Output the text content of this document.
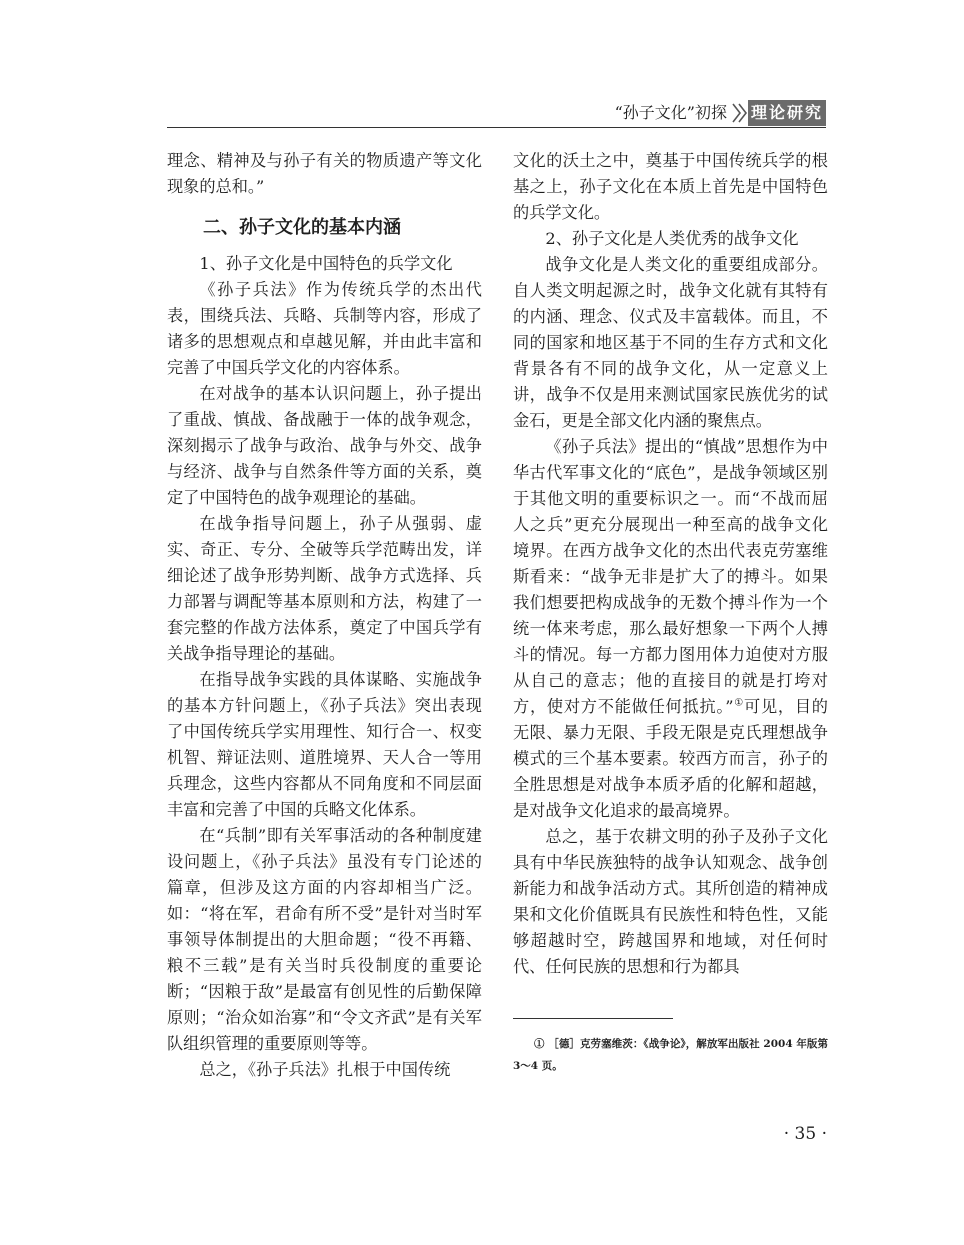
“孙子文化”初探 理论研究

理念、精神及与孙子有关的物质遗产等文化现象的总和。”

二、孙子文化的基本内涵

1、孙子文化是中国特色的兵学文化

《孙子兵法》作为传统兵学的杰出代表，围绕兵法、兵略、兵制等内容，形成了诸多的思想观点和卓越见解，并由此丰富和完善了中国兵学文化的内容体系。

在对战争的基本认识问题上，孙子提出了重战、慎战、备战融于一体的战争观念，深刻揭示了战争与政治、战争与外交、战争与经济、战争与自然条件等方面的关系，奠定了中国特色的战争观理论的基础。

在战争指导问题上，孙子从强弱、虚实、奇正、专分、全破等兵学范畴出发，详细论述了战争形势判断、战争方式选择、兵力部署与调配等基本原则和方法，构建了一套完整的作战方法体系，奠定了中国兵学有关战争指导理论的基础。

在指导战争实践的具体谋略、实施战争的基本方针问题上，《孙子兵法》突出表现了中国传统兵学实用理性、知行合一、权变机智、辩证法则、道胜境界、天人合一等用兵理念，这些内容都从不同角度和不同层面丰富和完善了中国的兵略文化体系。

在“兵制”即有关军事活动的各种制度建设问题上，《孙子兵法》虽没有专门论述的篇章，但涉及这方面的内容却相当广泛。如：“将在军，君命有所不受”是针对当时军事领导体制提出的大胆命题；“役不再籍、粮不三载”是有关当时兵役制度的重要论断；“因粮于敌”是最富有创见性的后勤保障原则；“治众如治寡”和“令文齐武”是有关军队组织管理的重要原则等等。

总之，《孙子兵法》扎根于中国传统

文化的沃土之中，奠基于中国传统兵学的根基之上，孙子文化在本质上首先是中国特色的兵学文化。

2、孙子文化是人类优秀的战争文化

战争文化是人类文化的重要组成部分。自人类文明起源之时，战争文化就有其特有的内涵、理念、仪式及丰富载体。而且，不同的国家和地区基于不同的生存方式和文化背景各有不同的战争文化，从一定意义上讲，战争不仅是用来测试国家民族优劣的试金石，更是全部文化内涵的聚焦点。

《孙子兵法》提出的“慎战”思想作为中华古代军事文化的“底色”，是战争领域区别于其他文明的重要标识之一。而“不战而屈人之兵”更充分展现出一种至高的战争文化境界。在西方战争文化的杰出代表克劳塞维斯看来：“战争无非是扩大了的搏斗。如果我们想要把构成战争的无数个搏斗作为一个统一体来考虑，那么最好想象一下两个人搏斗的情况。每一方都力图用体力迫使对方服从自己的意志；他的直接目的就是打垮对方，使对方不能做任何抵抗。”①可见，目的无限、暴力无限、手段无限是克氏理想战争模式的三个基本要素。较西方而言，孙子的全胜思想是对战争本质矛盾的化解和超越，是对战争文化追求的最高境界。

总之，基于农耕文明的孙子及孙子文化具有中华民族独特的战争认知观念、战争创新能力和战争活动方式。其所创造的精神成果和文化价值既具有民族性和特色性，又能够超越时空，跨越国界和地域，对任何时代、任何民族的思想和行为都具

① ［德］克劳塞维茨：《战争论》，解放军出版社 2004 年版第 3～4 页。
· 35 ·
